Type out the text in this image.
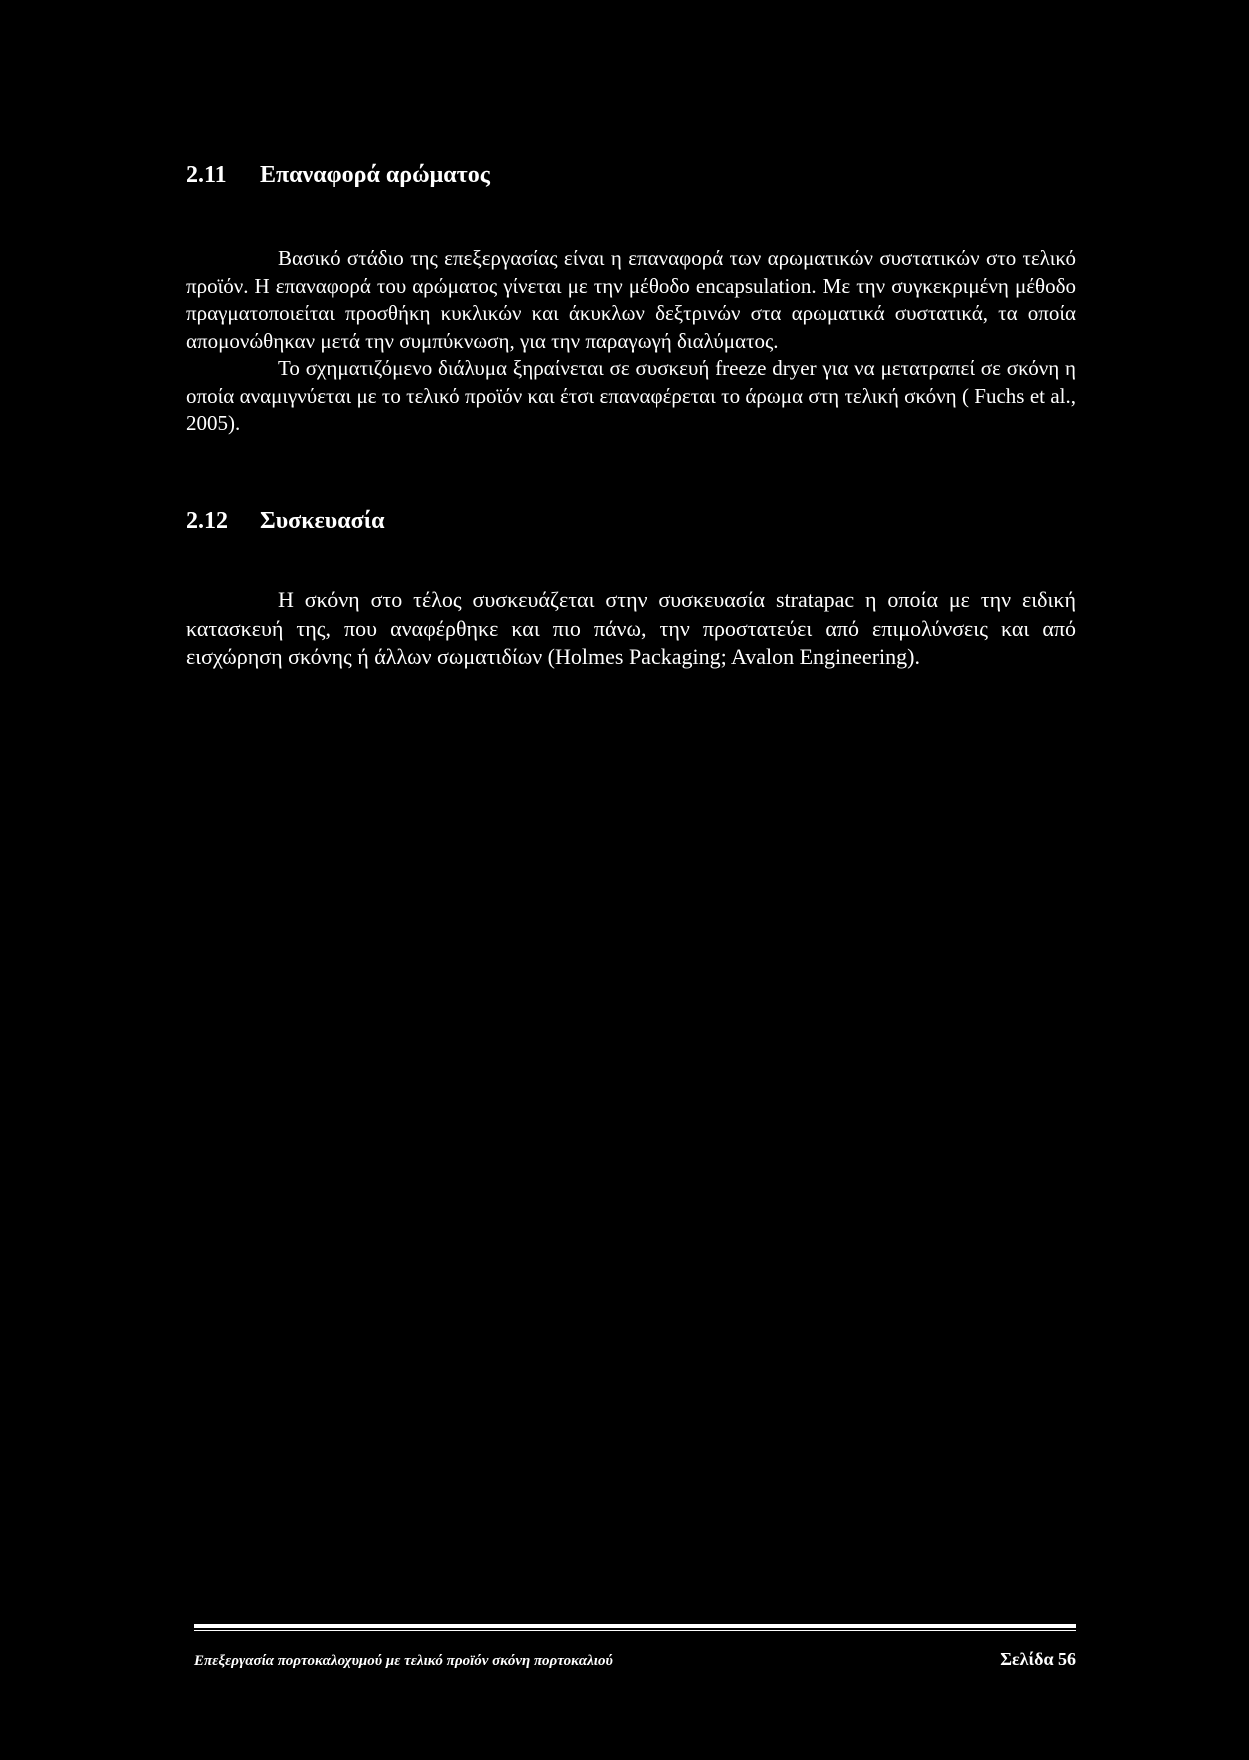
2.11 Επαναφορά αρώματος

Βασικό στάδιο της επεξεργασίας είναι η επαναφορά των αρωματικών συστατικών στο τελικό προϊόν. Η επαναφορά του αρώματος γίνεται με την μέθοδο encapsulation. Με την συγκεκριμένη μέθοδο πραγματοποιείται προσθήκη κυκλικών και άκυκλων δεξτρινών στα αρωματικά συστατικά, τα οποία απομονώθηκαν μετά την συμπύκνωση, για την παραγωγή διαλύματος.

Το σχηματιζόμενο διάλυμα ξηραίνεται σε συσκευή freeze dryer για να μετατραπεί σε σκόνη η οποία αναμιγνύεται με το τελικό προϊόν και έτσι επαναφέρεται το άρωμα στη τελική σκόνη ( Fuchs et al., 2005).

2.12 Συσκευασία

Η σκόνη στο τέλος συσκευάζεται στην συσκευασία stratapac η οποία με την ειδική κατασκευή της, που αναφέρθηκε και πιο πάνω, την προστατεύει από επιμολύνσεις και από εισχώρηση σκόνης ή άλλων σωματιδίων (Holmes Packaging; Avalon Engineering).

Επεξεργασία πορτοκαλοχυμού με τελικό προϊόν σκόνη πορτοκαλιού	Σελίδα 56
